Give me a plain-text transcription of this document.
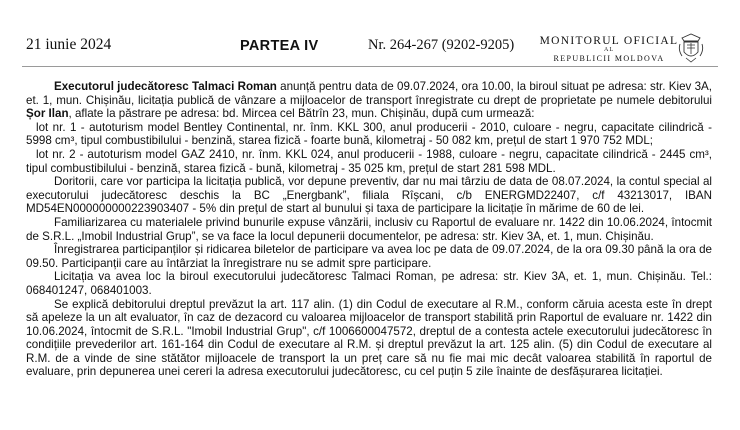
21 iunie 2024	PARTEA IV	Nr. 264-267 (9202-9205) MONITORUL OFICIAL
AL
REPUBLICII MOLDOVA

Executorul judecătoresc Talmaci Roman anunță pentru data de 09.07.2024, ora 10.00, la biroul situat pe adresa: str. Kiev 3A, et. 1, mun. Chișinău, licitația publică de vânzare a mijloacelor de transport înregistrate cu drept de proprietate pe numele debitorului Șor Ilan, aflate la păstrare pe adresa: bd. Mircea cel Bătrîn 23, mun. Chișinău, după cum urmează:

lot nr. 1 - autoturism model Bentley Continental, nr. înm. KKL 300, anul producerii - 2010, culoare - negru, capacitate cilindrică - 5998 cm³, tipul combustibilului - benzină, starea fizică - foarte bună, kilometraj - 50 082 km, prețul de start 1 970 752 MDL;

lot nr. 2 - autoturism model GAZ 2410, nr. înm. KKL 024, anul producerii - 1988, culoare - negru, capacitate cilindrică - 2445 cm³, tipul combustibilului - benzină, starea fizică - bună, kilometraj - 35 025 km, prețul de start 281 598 MDL.

Doritorii, care vor participa la licitația publică, vor depune preventiv, dar nu mai târziu de data de 08.07.2024, la contul special al executorului judecătoresc deschis la BC „Energbank”, filiala Rîșcani, c/b ENERGMD22407, c/f 43213017, IBAN MD54EN000000000223903407 - 5% din prețul de start al bunului și taxa de participare la licitație în mărime de 60 de lei.

Familiarizarea cu materialele privind bunurile expuse vânzării, inclusiv cu Raportul de evaluare nr. 1422 din 10.06.2024, întocmit de S.R.L. „Imobil Industrial Grup”, se va face la locul depunerii documentelor, pe adresa: str. Kiev 3A, et. 1, mun. Chișinău.

Înregistrarea participanților și ridicarea biletelor de participare va avea loc pe data de 09.07.2024, de la ora 09.30 până la ora de 09.50. Participanții care au întârziat la înregistrare nu se admit spre participare.

Licitația va avea loc la biroul executorului judecătoresc Talmaci Roman, pe adresa: str. Kiev 3A, et. 1, mun. Chișinău. Tel.: 068401247, 068401003.

Se explică debitorului dreptul prevăzut la art. 117 alin. (1) din Codul de executare al R.M., conform căruia acesta este în drept să apeleze la un alt evaluator, în caz de dezacord cu valoarea mijloacelor de transport stabilită prin Raportul de evaluare nr. 1422 din 10.06.2024, întocmit de S.R.L. "Imobil Industrial Grup", c/f 1006600047572, dreptul de a contesta actele executorului judecătoresc în condițiile prevederilor art. 161-164 din Codul de executare al R.M. și dreptul prevăzut la art. 125 alin. (5) din Codul de executare al R.M. de a vinde de sine stătător mijloacele de transport la un preț care să nu fie mai mic decât valoarea stabilită în raportul de evaluare, prin depunerea unei cereri la adresa executorului judecătoresc, cu cel puțin 5 zile înainte de desfășurarea licitației.
